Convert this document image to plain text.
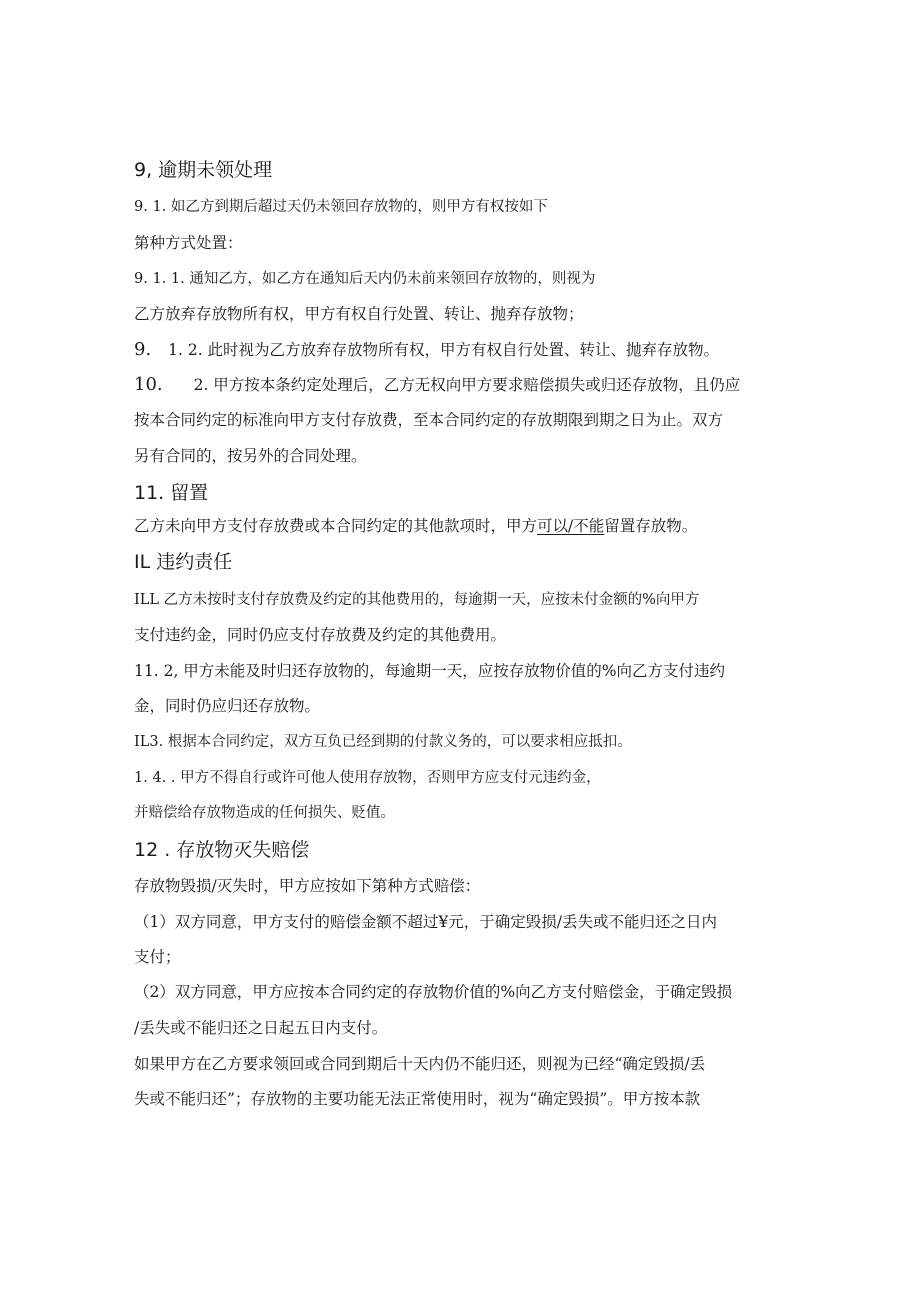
9, 逾期未领处理
9. 1. 如乙方到期后超过天仍未领回存放物的，则甲方有权按如下
第种方式处置：
9. 1. 1. 通知乙方，如乙方在通知后天内仍未前来领回存放物的，则视为
乙方放弃存放物所有权，甲方有权自行处置、转让、抛弃存放物；
9. 1. 2. 此时视为乙方放弃存放物所有权，甲方有权自行处置、转让、抛弃存放物。
10. 2. 甲方按本条约定处理后，乙方无权向甲方要求赔偿损失或归还存放物，且仍应
按本合同约定的标准向甲方支付存放费，至本合同约定的存放期限到期之日为止。双方
另有合同的，按另外的合同处理。
11. 留置
乙方未向甲方支付存放费或本合同约定的其他款项时，甲方可以/不能留置存放物。
IL 违约责任
ILL 乙方未按时支付存放费及约定的其他费用的，每逾期一天，应按未付金额的%向甲方
支付违约金，同时仍应支付存放费及约定的其他费用。
11. 2, 甲方未能及时归还存放物的，每逾期一天，应按存放物价值的%向乙方支付违约
金，同时仍应归还存放物。
IL3. 根据本合同约定，双方互负已经到期的付款义务的，可以要求相应抵扣。
1. 4. . 甲方不得自行或许可他人使用存放物，否则甲方应支付元违约金，
并赔偿给存放物造成的任何损失、贬值。
12 . 存放物灭失赔偿
存放物毁损/灭失时，甲方应按如下第种方式赔偿：
（1）双方同意，甲方支付的赔偿金额不超过¥元，于确定毁损/丢失或不能归还之日内
支付；
（2）双方同意，甲方应按本合同约定的存放物价值的%向乙方支付赔偿金，于确定毁损
/丢失或不能归还之日起五日内支付。
如果甲方在乙方要求领回或合同到期后十天内仍不能归还，则视为已经“确定毁损/丢
失或不能归还”；存放物的主要功能无法正常使用时，视为“确定毁损”。甲方按本款
